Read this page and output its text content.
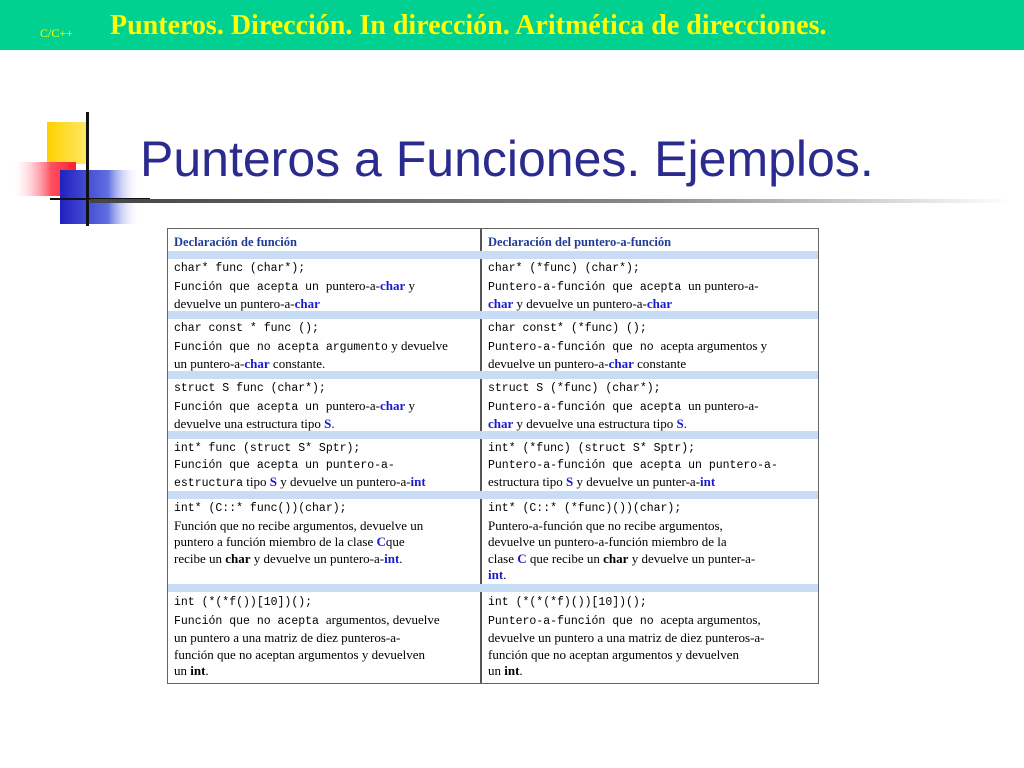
C/C++ Punteros. Dirección. In dirección. Aritmética de direcciones.
Punteros a Funciones. Ejemplos.
Declaración de función	Declaración del puntero-a-función
char* func (char*);
Función que acepta un puntero-a-char y
devuelve un puntero-a-char
char* (*func) (char*);
Puntero-a-función que acepta un puntero-a-
char y devuelve un puntero-a-char
char const * func ();
Función que no acepta argumento y devuelve
un puntero-a-char constante.
char const* (*func) ();
Puntero-a-función que no acepta argumentos y
devuelve un puntero-a-char constante
struct S func (char*);
Función que acepta un puntero-a-char y
devuelve una estructura tipo S.
struct S (*func) (char*);
Puntero-a-función que acepta un puntero-a-
char y devuelve una estructura tipo S.
int* func (struct S* Sptr);
Función que acepta un puntero-a-
estructura tipo S y devuelve un puntero-a-int
int* (*func) (struct S* Sptr);
Puntero-a-función que acepta un puntero-a-
estructura tipo S y devuelve un punter-a-int
int* (C::* func())(char);
Función que no recibe argumentos, devuelve un
puntero a función miembro de la clase Cque
recibe un char y devuelve un puntero-a-int.
int* (C::* (*func)())(char);
Puntero-a-función que no recibe argumentos,
devuelve un puntero-a-función miembro de la
clase C que recibe un char y devuelve un punter-a-
int.
int (*(*f())[10])();
Función que no acepta argumentos, devuelve
un puntero a una matriz de diez punteros-a-
función que no aceptan argumentos y devuelven
un int.
int (*(*(*f)())[10])();
Puntero-a-función que no acepta argumentos,
devuelve un puntero a una matriz de diez punteros-a-
función que no aceptan argumentos y devuelven
un int.
